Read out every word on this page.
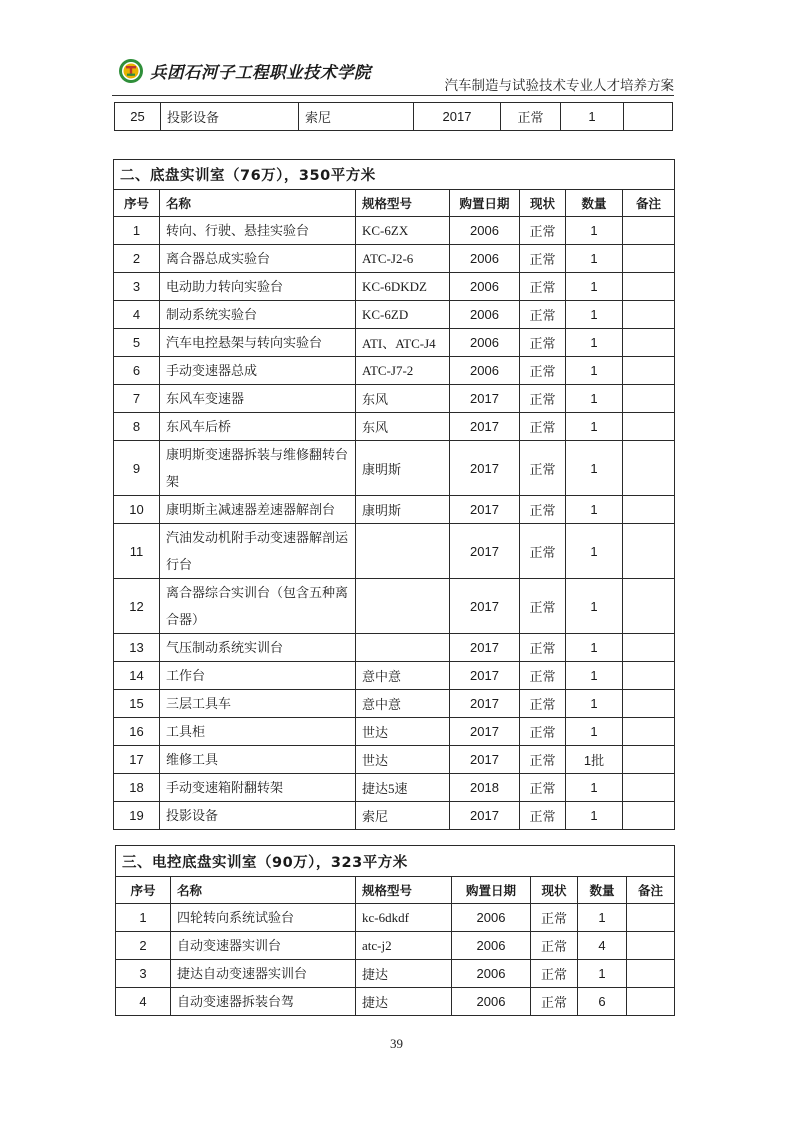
兵团石河子工程职业技术学院
汽车制造与试验技术专业人才培养方案
25	投影设备	索尼	2017	正常	1	
二、底盘实训室（76万），350平方米						
序号	名称	规格型号	购置日期	现状	数量	备注
1	转向、行驶、悬挂实验台	KC-6ZX	2006	正常	1	
2	离合器总成实验台	ATC-J2-6	2006	正常	1	
3	电动助力转向实验台	KC-6DKDZ	2006	正常	1	
4	制动系统实验台	KC-6ZD	2006	正常	1	
5	汽车电控悬架与转向实验台	ATI、ATC-J4	2006	正常	1	
6	手动变速器总成	ATC-J7-2	2006	正常	1	
7	东风车变速器	东风	2017	正常	1	
8	东风车后桥	东风	2017	正常	1	
9	康明斯变速器拆装与维修翻转台架	康明斯	2017	正常	1	
10	康明斯主减速器差速器解剖台	康明斯	2017	正常	1	
11	汽油发动机附手动变速器解剖运行台		2017	正常	1	
12	离合器综合实训台（包含五种离合器）		2017	正常	1	
13	气压制动系统实训台		2017	正常	1	
14	工作台	意中意	2017	正常	1	
15	三层工具车	意中意	2017	正常	1	
16	工具柜	世达	2017	正常	1	
17	维修工具	世达	2017	正常	1批	
18	手动变速箱附翻转架	捷达5速	2018	正常	1	
19	投影设备	索尼	2017	正常	1	
三、电控底盘实训室（90万），323平方米						
序号	名称	规格型号	购置日期	现状	数量	备注
1	四轮转向系统试验台	kc-6dkdf	2006	正常	1	
2	自动变速器实训台	atc-j2	2006	正常	4	
3	捷达自动变速器实训台	捷达	2006	正常	1	
4	自动变速器拆装台驾	捷达	2006	正常	6	
39
